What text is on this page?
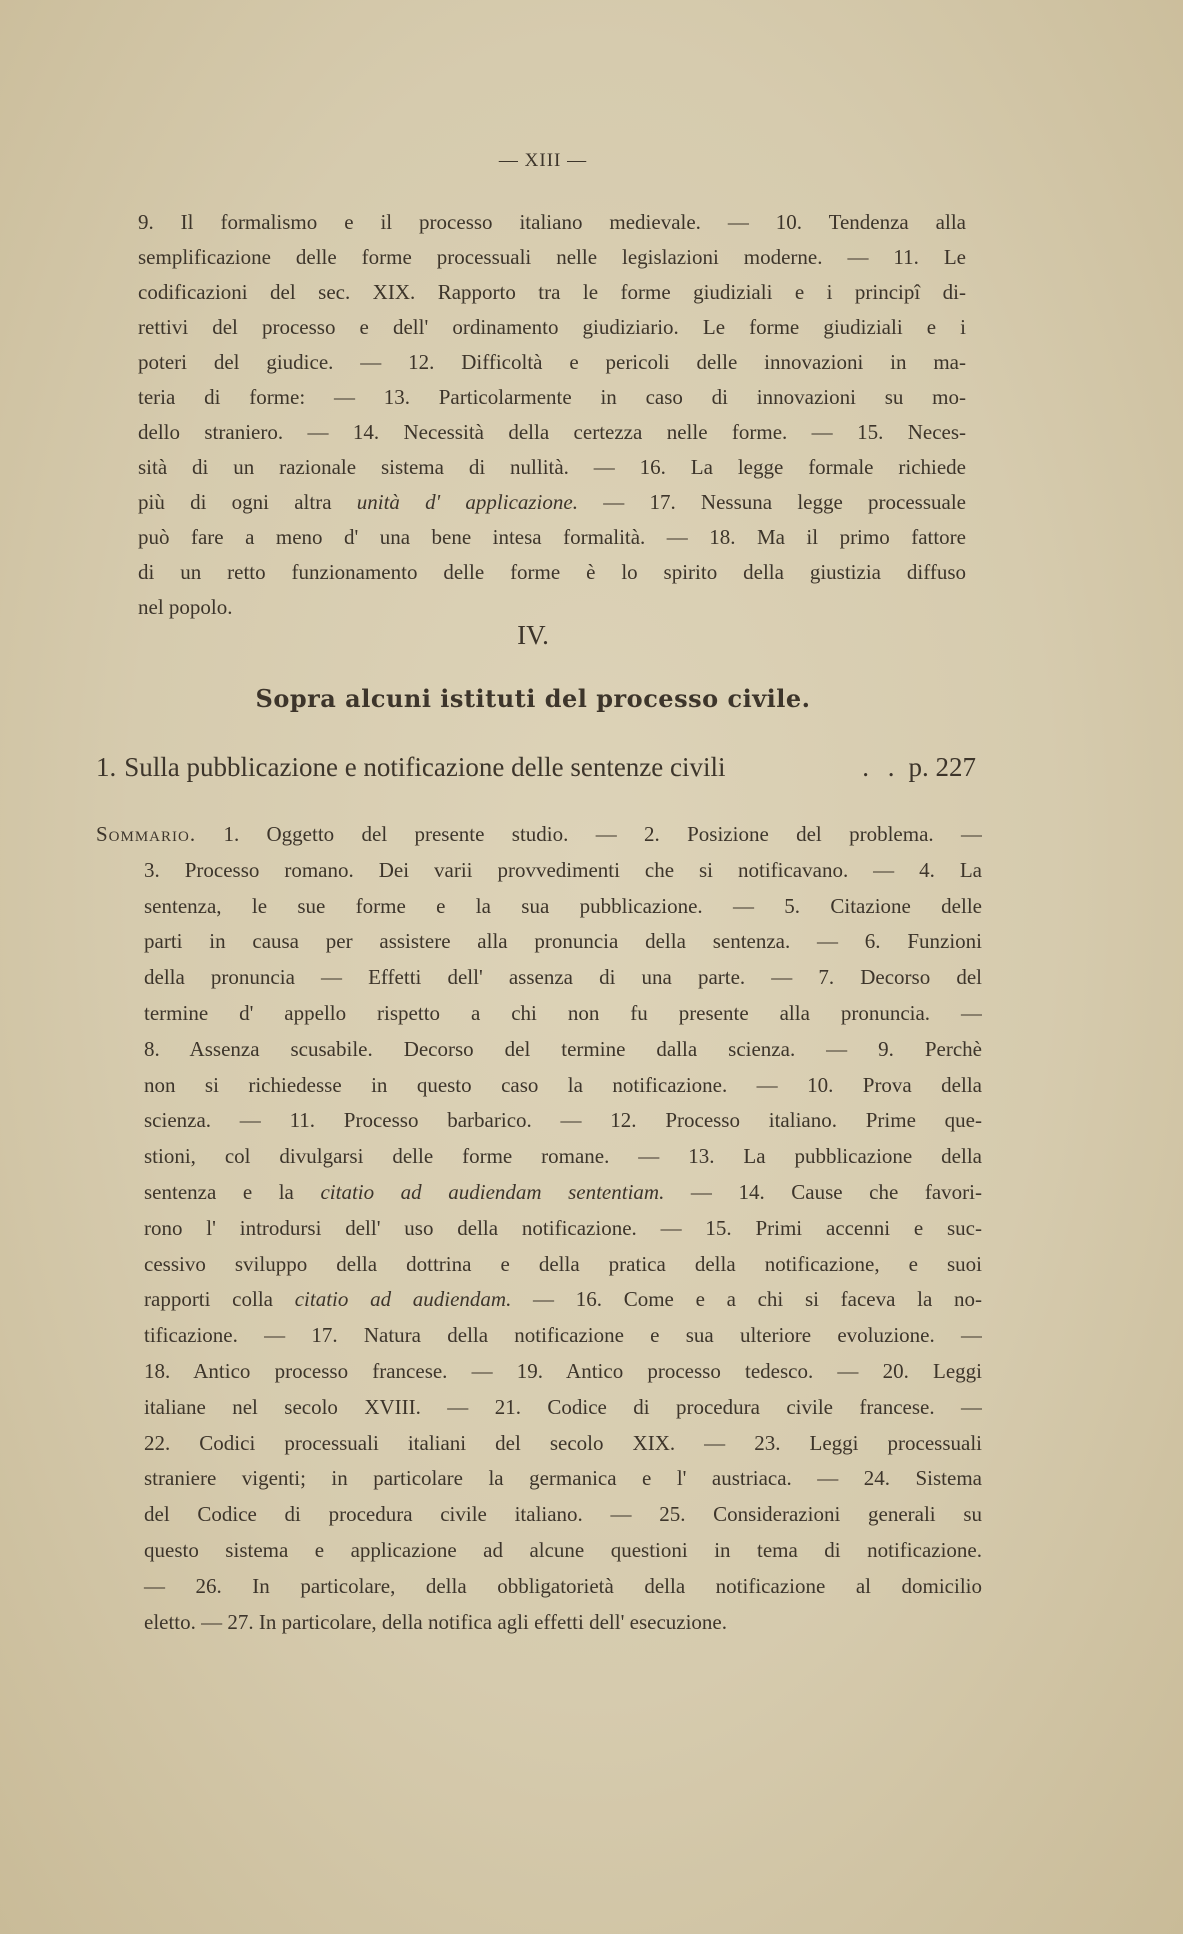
— XIII —
9. Il formalismo e il processo italiano medievale. — 10. Tendenza alla
semplificazione delle forme processuali nelle legislazioni moderne. — 11. Le
codificazioni del sec. XIX. Rapporto tra le forme giudiziali e i principî di-
rettivi del processo e dell' ordinamento giudiziario. Le forme giudiziali e i
poteri del giudice. — 12. Difficoltà e pericoli delle innovazioni in ma-
teria di forme: — 13. Particolarmente in caso di innovazioni su mo-
dello straniero. — 14. Necessità della certezza nelle forme. — 15. Neces-
sità di un razionale sistema di nullità. — 16. La legge formale richiede
più di ogni altra unità d' applicazione. — 17. Nessuna legge processuale
può fare a meno d' una bene intesa formalità. — 18. Ma il primo fattore
di un retto funzionamento delle forme è lo spirito della giustizia diffuso
nel popolo.
IV.
Sopra alcuni istituti del processo civile.
1. Sulla pubblicazione e notificazione delle sentenze civili	. . p. 227
Sommario. 1. Oggetto del presente studio. — 2. Posizione del problema. —
3. Processo romano. Dei varii provvedimenti che si notificavano. — 4. La
sentenza, le sue forme e la sua pubblicazione. — 5. Citazione delle
parti in causa per assistere alla pronuncia della sentenza. — 6. Funzioni
della pronuncia — Effetti dell' assenza di una parte. — 7. Decorso del
termine d' appello rispetto a chi non fu presente alla pronuncia. —
8. Assenza scusabile. Decorso del termine dalla scienza. — 9. Perchè
non si richiedesse in questo caso la notificazione. — 10. Prova della
scienza. — 11. Processo barbarico. — 12. Processo italiano. Prime que-
stioni, col divulgarsi delle forme romane. — 13. La pubblicazione della
sentenza e la citatio ad audiendam sententiam. — 14. Cause che favori-
rono l' introdursi dell' uso della notificazione. — 15. Primi accenni e suc-
cessivo sviluppo della dottrina e della pratica della notificazione, e suoi
rapporti colla citatio ad audiendam. — 16. Come e a chi si faceva la no-
tificazione. — 17. Natura della notificazione e sua ulteriore evoluzione. —
18. Antico processo francese. — 19. Antico processo tedesco. — 20. Leggi
italiane nel secolo XVIII. — 21. Codice di procedura civile francese. —
22. Codici processuali italiani del secolo XIX. — 23. Leggi processuali
straniere vigenti; in particolare la germanica e l' austriaca. — 24. Sistema
del Codice di procedura civile italiano. — 25. Considerazioni generali su
questo sistema e applicazione ad alcune questioni in tema di notificazione.
— 26. In particolare, della obbligatorietà della notificazione al domicilio
eletto. — 27. In particolare, della notifica agli effetti dell' esecuzione.
